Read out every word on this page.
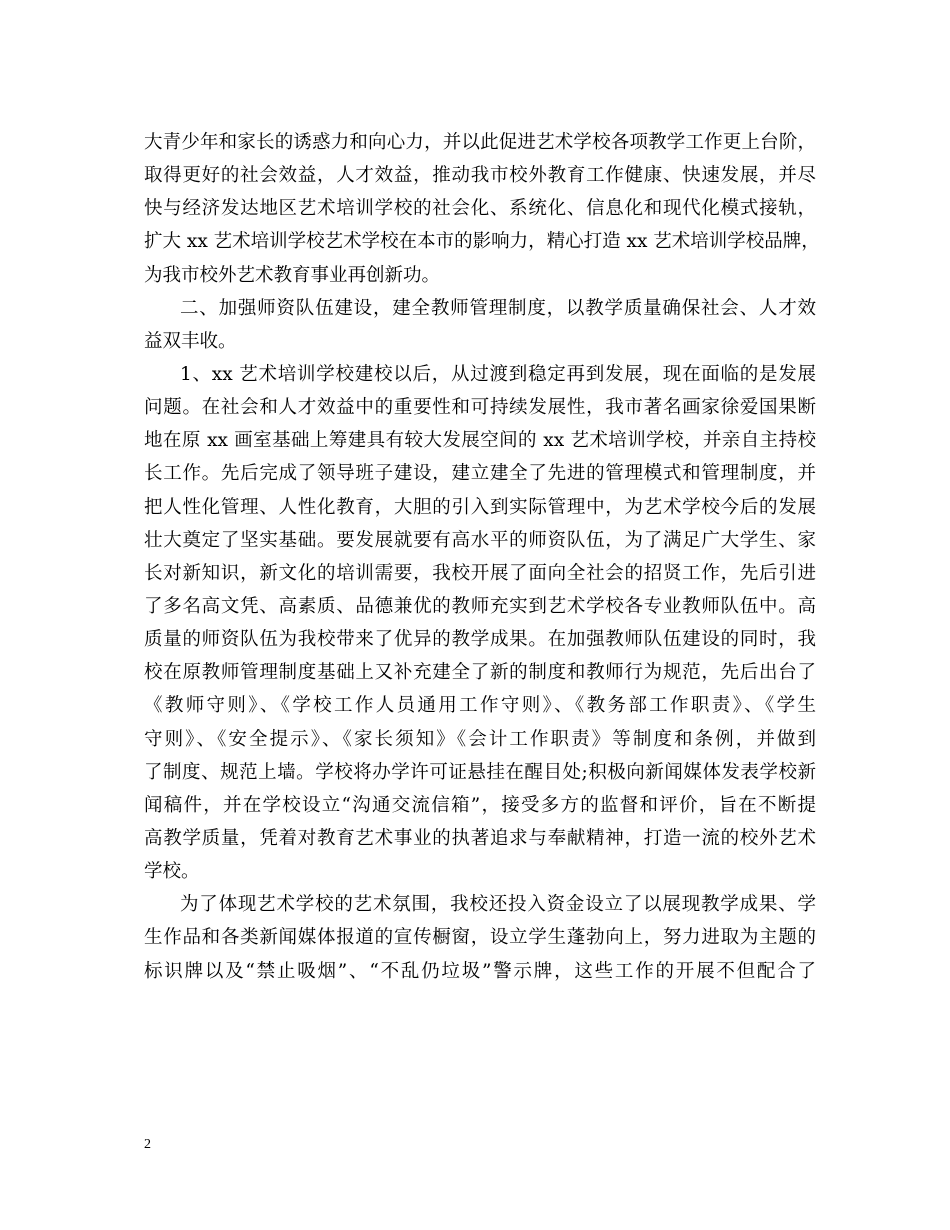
大青少年和家长的诱惑力和向心力，并以此促进艺术学校各项教学工作更上台阶，
取得更好的社会效益，人才效益，推动我市校外教育工作健康、快速发展，并尽
快与经济发达地区艺术培训学校的社会化、系统化、信息化和现代化模式接轨，
扩大 xx 艺术培训学校艺术学校在本市的影响力，精心打造 xx 艺术培训学校品牌，
为我市校外艺术教育事业再创新功。
二、加强师资队伍建设，建全教师管理制度，以教学质量确保社会、人才效
益双丰收。
1、xx 艺术培训学校建校以后，从过渡到稳定再到发展，现在面临的是发展
问题。在社会和人才效益中的重要性和可持续发展性，我市著名画家徐爱国果断
地在原 xx 画室基础上筹建具有较大发展空间的 xx 艺术培训学校，并亲自主持校
长工作。先后完成了领导班子建设，建立建全了先进的管理模式和管理制度，并
把人性化管理、人性化教育，大胆的引入到实际管理中，为艺术学校今后的发展
壮大奠定了坚实基础。要发展就要有高水平的师资队伍，为了满足广大学生、家
长对新知识，新文化的培训需要，我校开展了面向全社会的招贤工作，先后引进
了多名高文凭、高素质、品德兼优的教师充实到艺术学校各专业教师队伍中。高
质量的师资队伍为我校带来了优异的教学成果。在加强教师队伍建设的同时，我
校在原教师管理制度基础上又补充建全了新的制度和教师行为规范，先后出台了
《教师守则》、《学校工作人员通用工作守则》、《教务部工作职责》、《学生
守则》、《安全提示》、《家长须知》《会计工作职责》等制度和条例，并做到
了制度、规范上墙。学校将办学许可证悬挂在醒目处;积极向新闻媒体发表学校新
闻稿件，并在学校设立“沟通交流信箱”，接受多方的监督和评价，旨在不断提
高教学质量，凭着对教育艺术事业的执著追求与奉献精神，打造一流的校外艺术
学校。
为了体现艺术学校的艺术氛围，我校还投入资金设立了以展现教学成果、学
生作品和各类新闻媒体报道的宣传橱窗，设立学生蓬勃向上，努力进取为主题的
标识牌以及“禁止吸烟”、“不乱仍垃圾”警示牌，这些工作的开展不但配合了
2
